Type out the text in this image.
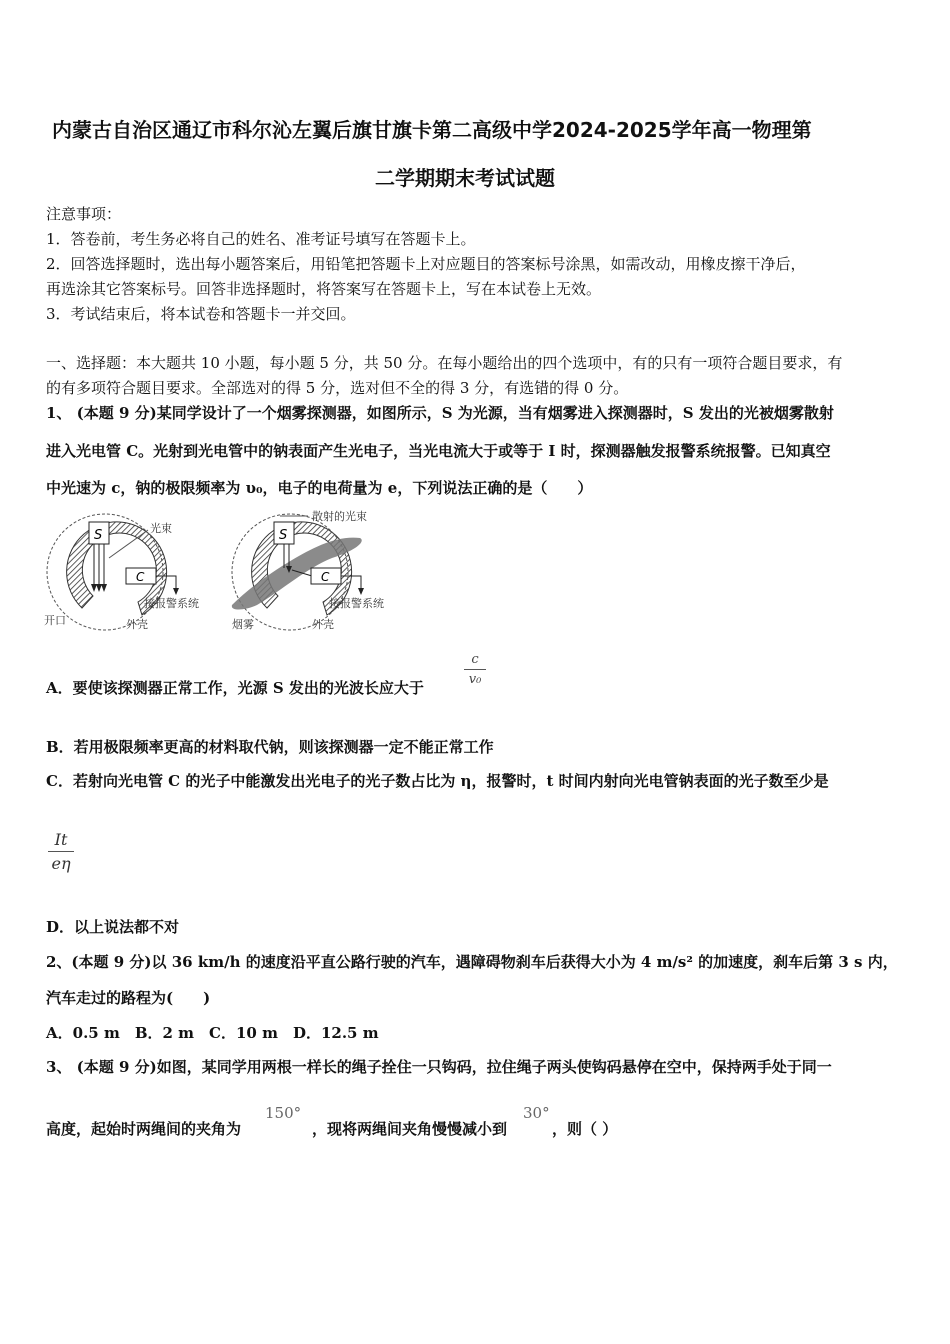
内蒙古自治区通辽市科尔沁左翼后旗甘旗卡第二高级中学2024-2025学年高一物理第
二学期期末考试试题
注意事项：
1．答卷前，考生务必将自己的姓名、准考证号填写在答题卡上。
2．回答选择题时，选出每小题答案后，用铅笔把答题卡上对应题目的答案标号涂黑，如需改动，用橡皮擦干净后，
再选涂其它答案标号。回答非选择题时，将答案写在答题卡上，写在本试卷上无效。
3．考试结束后，将本试卷和答题卡一并交回。
一、选择题：本大题共 10 小题，每小题 5 分，共 50 分。在每小题给出的四个选项中，有的只有一项符合题目要求，有
的有多项符合题目要求。全部选对的得 5 分，选对但不全的得 3 分，有选错的得 0 分。
1、 (本题 9 分)某同学设计了一个烟雾探测器，如图所示，S 为光源，当有烟雾进入探测器时，S 发出的光被烟雾散射
进入光电管 C。光射到光电管中的钠表面产生光电子，当光电流大于或等于 I 时，探测器触发报警系统报警。已知真空
中光速为 c，钠的极限频率为 υ₀，电子的电荷量为 e，下列说法正确的是（　　）
S	光束
C
接报警系统
开口	外壳
S
散射的光束
C
接报警系统
烟雾	外壳
A．要使该探测器正常工作，光源 S 发出的光波长应大于
c
v₀
B．若用极限频率更高的材料取代钠，则该探测器一定不能正常工作
C．若射向光电管 C 的光子中能激发出光电子的光子数占比为 η，报警时，t 时间内射向光电管钠表面的光子数至少是
It
eη
D．以上说法都不对
2、(本题 9 分)以 36 km/h 的速度沿平直公路行驶的汽车，遇障碍物刹车后获得大小为 4 m/s² 的加速度，刹车后第 3 s 内，
汽车走过的路程为(　　)
A．0.5 m　B．2 m　C．10 m　D．12.5 m
3、 (本题 9 分)如图，某同学用两根一样长的绳子拴住一只钩码，拉住绳子两头使钩码悬停在空中，保持两手处于同一
高度，起始时两绳间的夹角为
150°
，现将两绳间夹角慢慢减小到
30°
，则（ ）
